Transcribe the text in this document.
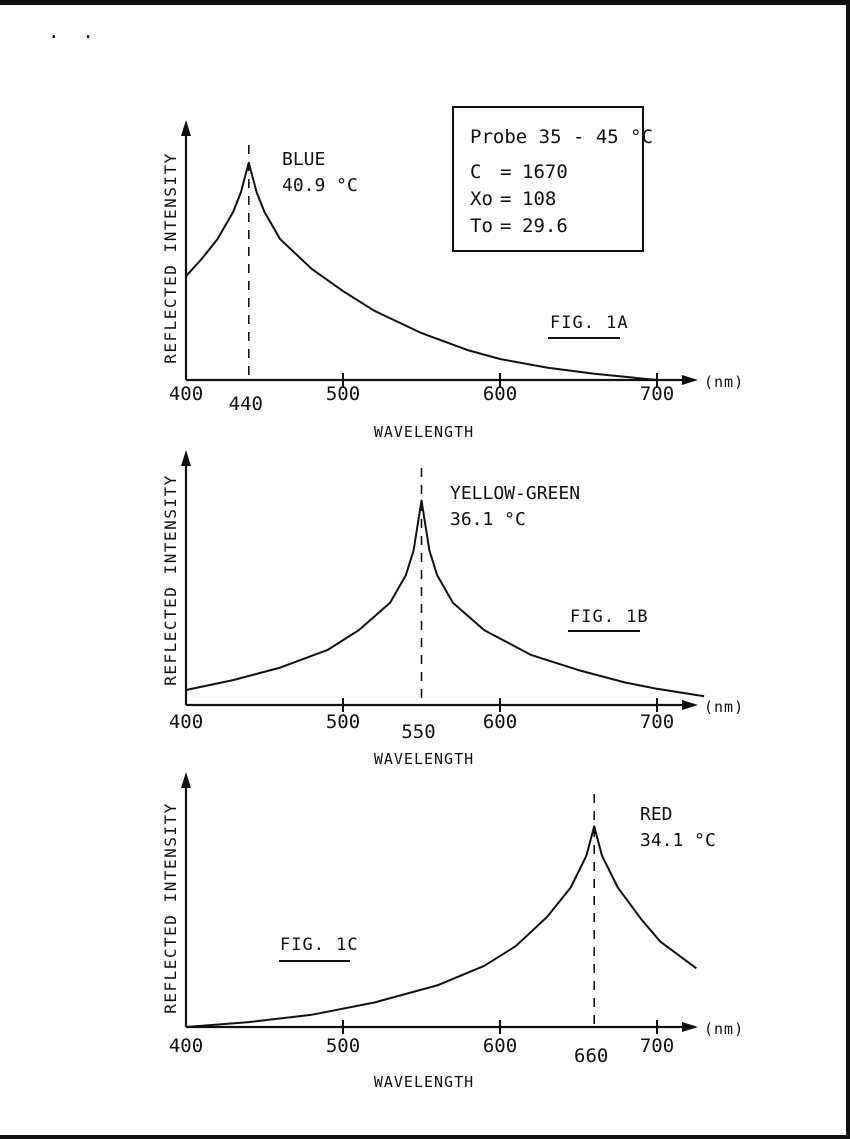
.  .
400	500	600	700
(nm)
WAVELENGTH
REFLECTED INTENSITY
440
BLUE
40.9 °C
FIG. 1A
Probe 35 - 45 °C
C = 1670
Xo = 108
To = 29.6
400	500	600	700
(nm)
WAVELENGTH
REFLECTED INTENSITY
550
YELLOW-GREEN
36.1 °C
FIG. 1B
400	500	600	700
(nm)
WAVELENGTH
REFLECTED INTENSITY
660
RED
34.1 °C
FIG. 1C
